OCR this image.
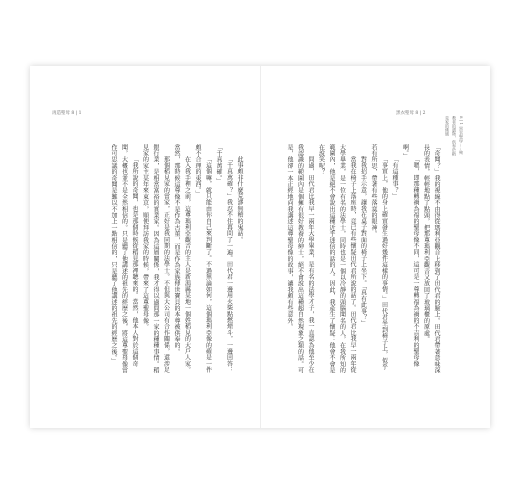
再造聖母 8 | 1

此事頗非什麼荒謬無稽的鬼話。

「千真萬確？」我忍不住再問了一遍。田代君一邊用火柴點燃煙斗，一邊回答：「千真萬確。」

「這個嘛，就只能由你自己來判斷了。不過無論如何，這個瑪利亞像的確是一件頗不合理的東西。」

在入我手裡之前，這尊瑪利亞觀音的主人是新潟縣某地一個姓稻見的大戶人家。當然，那時候這尊像不是作為古董，而是作為家族傳世寶貝的本尊被供奉的。

那個稻見家的當家，正好是我同期的法學士。不但與大公司有合作關係，還涉足銀行業，是相當富裕的實業家。因為這層關係，我才得以過問那一家的種種事情。稻見家的家主某年來東京，順便拜訪我家的時候，帶來了這尊聖母像。

「我所說的奇聞，也是那個時候從稻見那裡聽來的。當然，他本人對於這個奇聞，大概也並不是全然相信的。只是聽了他講述的祖先的經歷之後，將這尊聖母像當作可思議的奇聞是難以不加上一點相信的，只是聽了他講述的祖先的經歷之後。」

黑衣聖母 8 | 2
8 | 1 黑衣聖母……殉教者的遺物，供奉於稻見家的佛壇

「奇聞？」我的視線不由得從瑪利亞觀音上移到了田代君的臉上。田代君帶著意味深長的表情，輕輕地點了點頭，把那尊瑪利亞觀音又放回了玻璃櫃的原處。

「嗯，即那種轉禍為福的聖母像不同，這可是一尊轉福為禍的不吉利的聖母像啊。」

「有這種事？」

「事實上，他的身上確實發生過好幾件這樣的事情。」田代君坐到椅子上，似乎若有所思，帶著有些落寞的眼神。

對我招手示意，讓我在桌子對面的椅子上坐下。「真有此事？」

當我在椅子上落座時，竟已有些懷疑田代君所說的話了。田代君比我早一兩年從大學畢業，是一位有名的法學士，同時也是一個以冷靜的頭腦聞名的人，在我所知的範圍內，他是絕不會說出這種近乎迷信的話的人。因此，我產生了懷疑：他會不會是在說笑呢？

問過，田代君比我早一兩年大學畢業，是有名的法學才子，我一直認為他至少在我認識的範圍內是個擁有很好教養的紳士，絕不會說出這種超自然現象之類的話。可是，他卻一本正經地向我講述這尊聖母像的故事，讓我頗有些意外。
